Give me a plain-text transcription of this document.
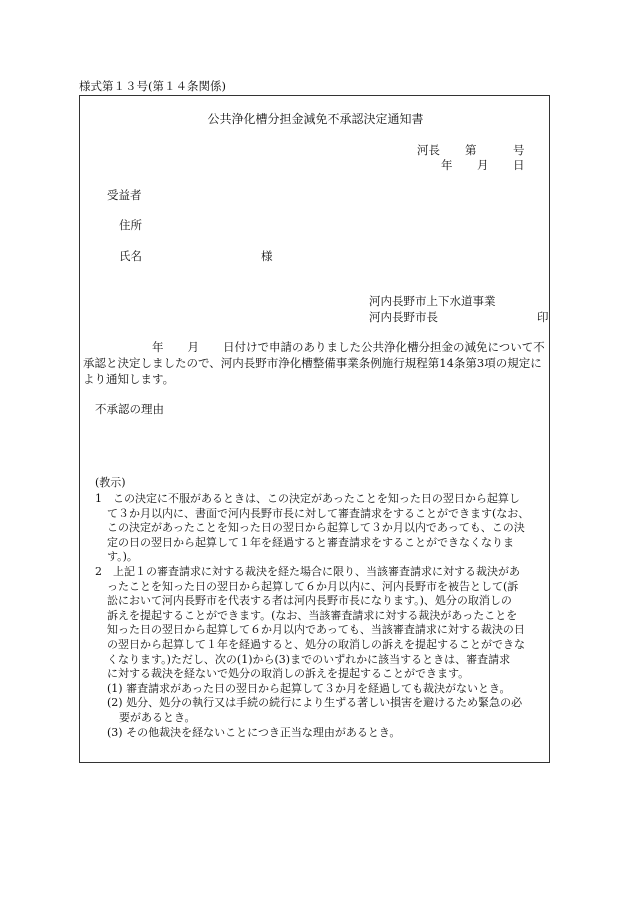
様式第１３号(第１４条関係)
公共浄化槽分担金減免不承認決定通知書
河長 第	号
年 月 日
受益者
住所
氏名	様
河内長野市上下水道事業
河内長野市長	印
年 月 日付けで申請のありました公共浄化槽分担金の減免について不
承認と決定しましたので、河内長野市浄化槽整備事業条例施行規程第14条第3項の規定に
より通知します。
不承認の理由
(教示)
1　この決定に不服があるときは、この決定があったことを知った日の翌日から起算し
て３か月以内に、書面で河内長野市長に対して審査請求をすることができます(なお、
この決定があったことを知った日の翌日から起算して３か月以内であっても、この決
定の日の翌日から起算して１年を経過すると審査請求をすることができなくなりま
す。)。
2　上記１の審査請求に対する裁決を経た場合に限り、当該審査請求に対する裁決があ
ったことを知った日の翌日から起算して６か月以内に、河内長野市を被告として(訴
訟において河内長野市を代表する者は河内長野市長になります。)、処分の取消しの
訴えを提起することができます。(なお、当該審査請求に対する裁決があったことを
知った日の翌日から起算して６か月以内であっても、当該審査請求に対する裁決の日
の翌日から起算して１年を経過すると、処分の取消しの訴えを提起することができな
くなります。)ただし、次の(1)から(3)までのいずれかに該当するときは、審査請求
に対する裁決を経ないで処分の取消しの訴えを提起することができます。
(1) 審査請求があった日の翌日から起算して３か月を経過しても裁決がないとき。
(2) 処分、処分の執行又は手続の続行により生ずる著しい損害を避けるため緊急の必
要があるとき。
(3) その他裁決を経ないことにつき正当な理由があるとき。
